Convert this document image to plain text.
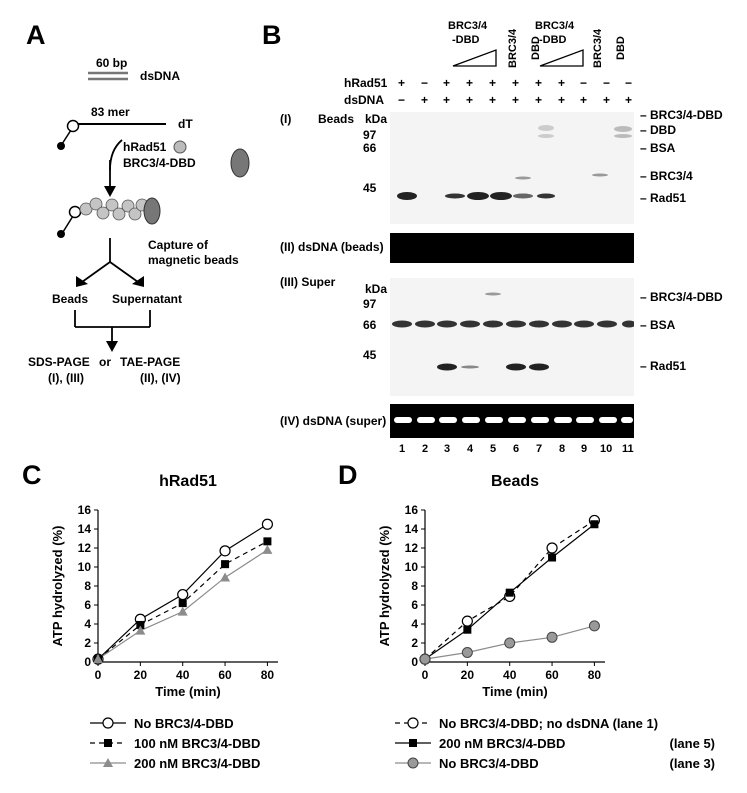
A
60 bp
dsDNA
83 mer
dT
hRad51
BRC3/4-DBD
Capture of
magnetic beads
Beads Supernatant
SDS-PAGE or TAE-PAGE
(I), (III)	(II), (IV)
B	BRC3/4
-DBD	BRC3/4 DBD
BRC3/4
-DBD BRC3/4 DBD
hRad51
dsDNA
+ − + + + + + + − − −
− + + + + + + + + + +
(I) Beads kDa
97
66
45
– BRC3/4-DBD
– DBD
– BSA
– BRC3/4
– Rad51
(II) dsDNA (beads)
(III) Super kDa
97
66
45
– BRC3/4-DBD
– BSA
– Rad51
(IV) dsDNA (super)
1 2 3 4 5 6 7 8 9 10 11
C	hRad51
0
2
4
6
8
10
12
14
16
0	20 40 60 80
Time (min)
ATP hydrolyzed (%)
No BRC3/4-DBD
100 nM BRC3/4-DBD
200 nM BRC3/4-DBD
D	Beads
0
2
4
6
8
10
12
14
16
0	20 40 60 80
Time (min)
ATP hydrolyzed (%)
No BRC3/4-DBD; no dsDNA (lane 1)
200 nM BRC3/4-DBD	(lane 5)
No BRC3/4-DBD	(lane 3)
